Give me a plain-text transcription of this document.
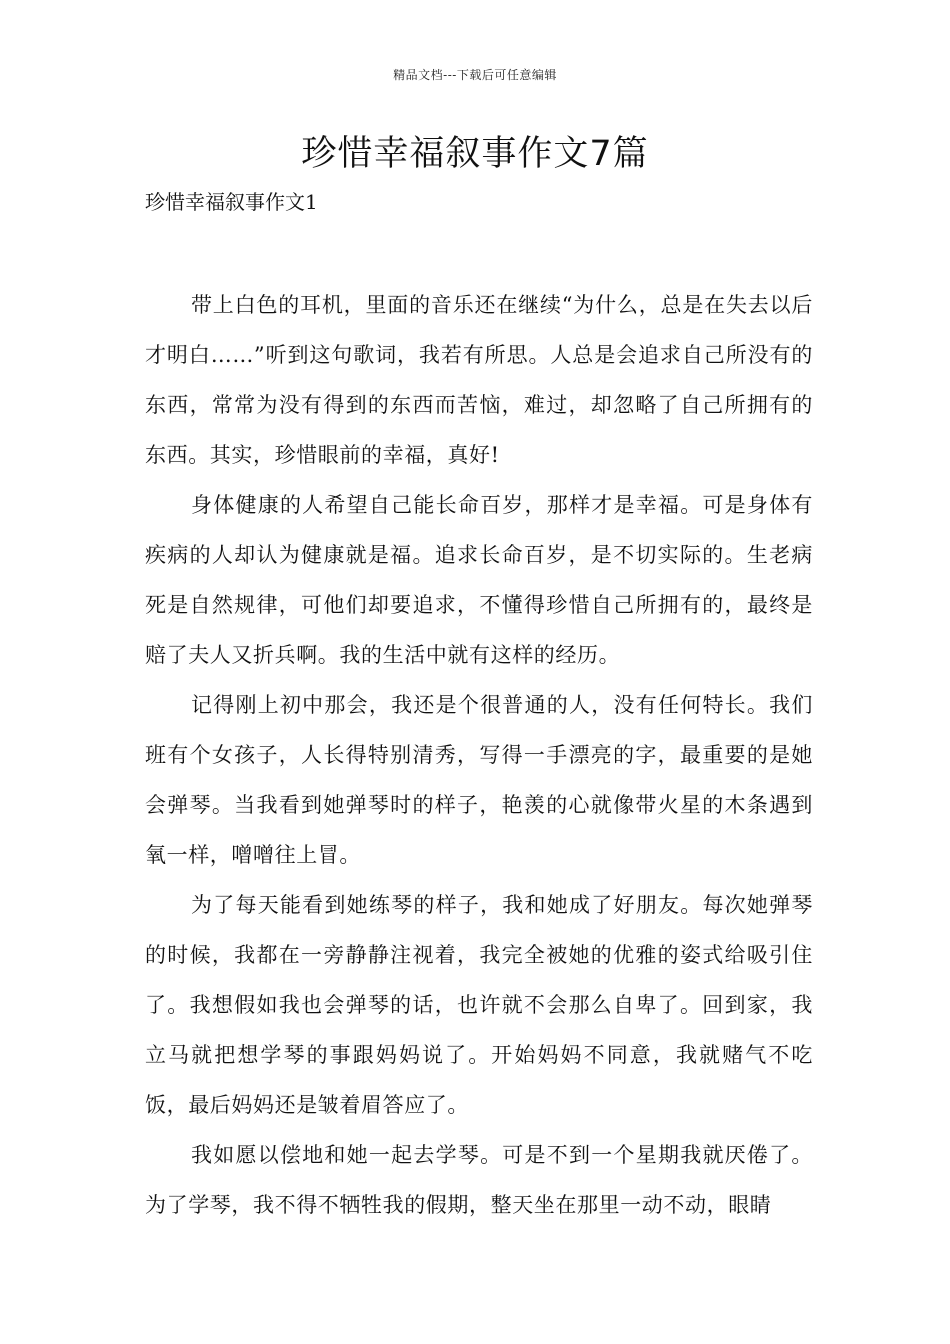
精品文档---下载后可任意编辑
珍惜幸福叙事作文7篇

珍惜幸福叙事作文1

带上白色的耳机，里面的音乐还在继续“为什么，总是在失去以后才明白……”听到这句歌词，我若有所思。人总是会追求自己所没有的东西，常常为没有得到的东西而苦恼，难过，却忽略了自己所拥有的东西。其实，珍惜眼前的幸福，真好!

身体健康的人希望自己能长命百岁，那样才是幸福。可是身体有疾病的人却认为健康就是福。追求长命百岁，是不切实际的。生老病死是自然规律，可他们却要追求，不懂得珍惜自己所拥有的，最终是赔了夫人又折兵啊。我的生活中就有这样的经历。

记得刚上初中那会，我还是个很普通的人，没有任何特长。我们班有个女孩子，人长得特别清秀，写得一手漂亮的字，最重要的是她会弹琴。当我看到她弹琴时的样子，艳羡的心就像带火星的木条遇到氧一样，噌噌往上冒。

为了每天能看到她练琴的样子，我和她成了好朋友。每次她弹琴的时候，我都在一旁静静注视着，我完全被她的优雅的姿式给吸引住了。我想假如我也会弹琴的话，也许就不会那么自卑了。回到家，我立马就把想学琴的事跟妈妈说了。开始妈妈不同意，我就赌气不吃饭，最后妈妈还是皱着眉答应了。

我如愿以偿地和她一起去学琴。可是不到一个星期我就厌倦了。为了学琴，我不得不牺牲我的假期，整天坐在那里一动不动，眼睛
